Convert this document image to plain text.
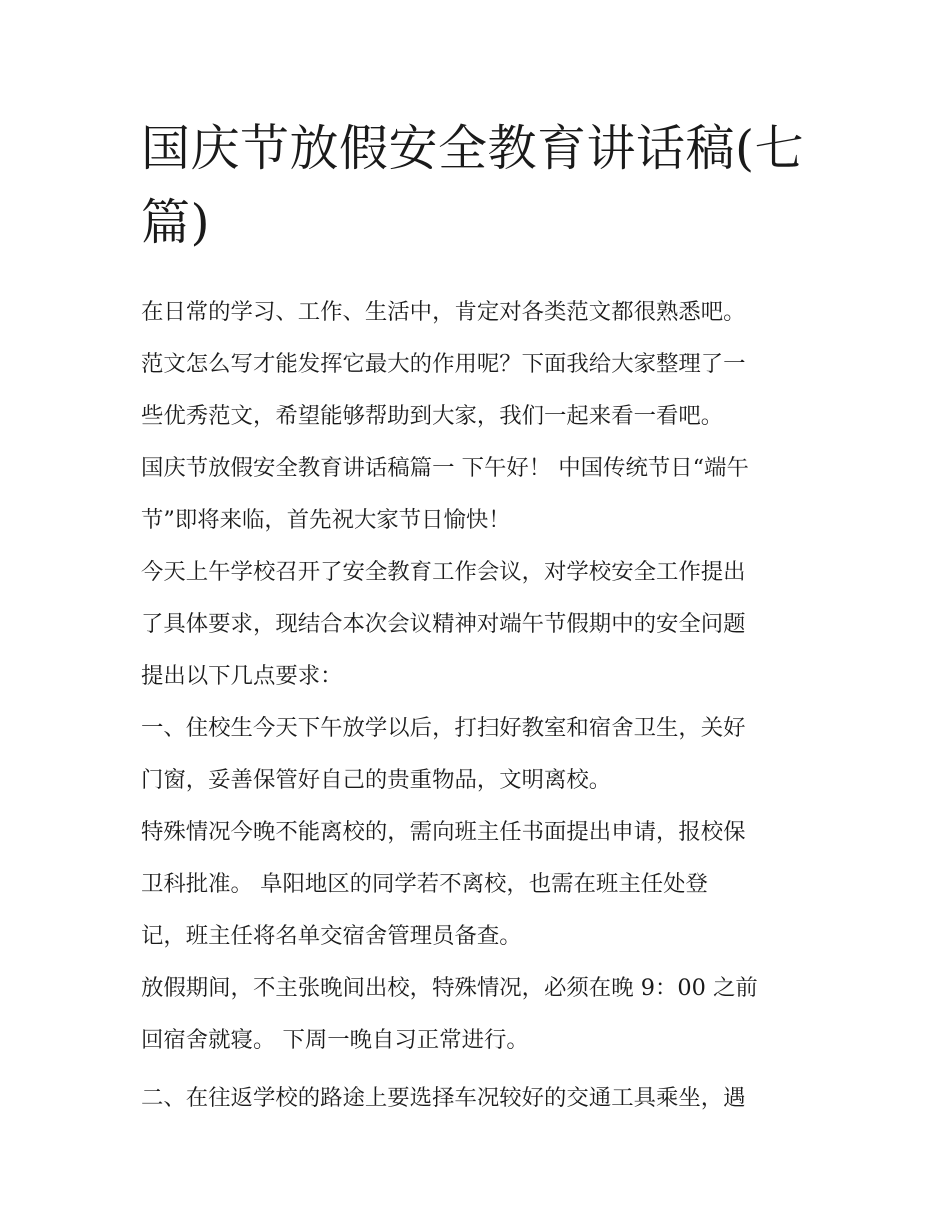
国庆节放假安全教育讲话稿(七
篇)

在日常的学习、工作、生活中，肯定对各类范文都很熟悉吧。
范文怎么写才能发挥它最大的作用呢？下面我给大家整理了一
些优秀范文，希望能够帮助到大家，我们一起来看一看吧。

国庆节放假安全教育讲话稿篇一 下午好！ 中国传统节日“端午
节”即将来临，首先祝大家节日愉快！

今天上午学校召开了安全教育工作会议，对学校安全工作提出
了具体要求，现结合本次会议精神对端午节假期中的安全问题
提出以下几点要求：

一、住校生今天下午放学以后，打扫好教室和宿舍卫生，关好
门窗，妥善保管好自己的贵重物品，文明离校。

特殊情况今晚不能离校的，需向班主任书面提出申请，报校保
卫科批准。 阜阳地区的同学若不离校，也需在班主任处登
记，班主任将名单交宿舍管理员备查。

放假期间，不主张晚间出校，特殊情况，必须在晚 9：00 之前
回宿舍就寝。 下周一晚自习正常进行。

二、在往返学校的路途上要选择车况较好的交通工具乘坐，遇
